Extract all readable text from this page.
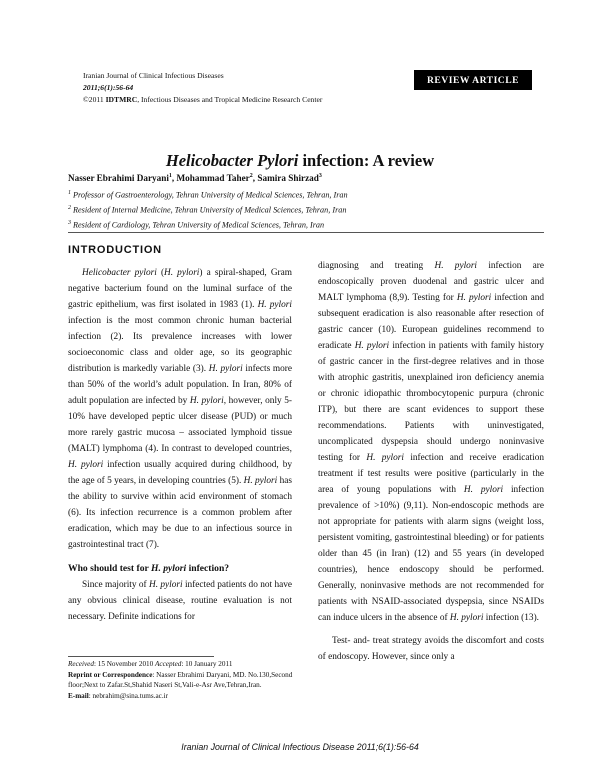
Iranian Journal of Clinical Infectious Diseases
2011;6(1):56-64
©2011 IDTMRC, Infectious Diseases and Tropical Medicine Research Center
REVIEW ARTICLE
Helicobacter Pylori infection: A review
Nasser Ebrahimi Daryani$^1$, Mohammad Taher$^2$, Samira Shirzad$^3$
$^1$ Professor of Gastroenterology, Tehran University of Medical Sciences, Tehran, Iran
$^2$ Resident of Internal Medicine, Tehran University of Medical Sciences, Tehran, Iran
$^3$ Resident of Cardiology, Tehran University of Medical Sciences, Tehran, Iran
INTRODUCTION

Helicobacter pylori (H. pylori) a spiral-shaped, Gram negative bacterium found on the luminal surface of the gastric epithelium, was first isolated in 1983 (1). H. pylori infection is the most common chronic human bacterial infection (2). Its prevalence increases with lower socioeconomic class and older age, so its geographic distribution is markedly variable (3). H. pylori infects more than 50% of the world’s adult population. In Iran, 80% of adult population are infected by H. pylori, however, only 5-10% have developed peptic ulcer disease (PUD) or much more rarely gastric mucosa – associated lymphoid tissue (MALT) lymphoma (4). In contrast to developed countries, H. pylori infection usually acquired during childhood, by the age of 5 years, in developing countries (5). H. pylori has the ability to survive within acid environment of stomach (6). Its infection recurrence is a common problem after eradication, which may be due to an infectious source in gastrointestinal tract (7).

Who should test for H. pylori infection?

Since majority of H. pylori infected patients do not have any obvious clinical disease, routine evaluation is not necessary. Definite indications for

diagnosing and treating H. pylori infection are endoscopically proven duodenal and gastric ulcer and MALT lymphoma (8,9). Testing for H. pylori infection and subsequent eradication is also reasonable after resection of gastric cancer (10). European guidelines recommend to eradicate H. pylori infection in patients with family history of gastric cancer in the first-degree relatives and in those with atrophic gastritis, unexplained iron deficiency anemia or chronic idiopathic thrombocytopenic purpura (chronic ITP), but there are scant evidences to support these recommendations. Patients with uninvestigated, uncomplicated dyspepsia should undergo noninvasive testing for H. pylori infection and receive eradication treatment if test results were positive (particularly in the area of young populations with H. pylori infection prevalence of >10%) (9,11). Non-endoscopic methods are not appropriate for patients with alarm signs (weight loss, persistent vomiting, gastrointestinal bleeding) or for patients older than 45 (in Iran) (12) and 55 years (in developed countries), hence endoscopy should be performed. Generally, noninvasive methods are not recommended for patients with NSAID-associated dyspepsia, since NSAIDs can induce ulcers in the absence of H. pylori infection (13).

Test- and- treat strategy avoids the discomfort and costs of endoscopy. However, since only a

Received: 15 November 2010 Accepted: 10 January 2011

Reprint or Correspondence: Nasser Ebrahimi Daryani, MD. No.130,Second floor;Next to Zafar.St,Shahid Naseri St,Vali-e-Asr Ave,Tehran,Iran.

E-mail: nebrahim@sina.tums.ac.ir

Iranian Journal of Clinical Infectious Disease 2011;6(1):56-64
